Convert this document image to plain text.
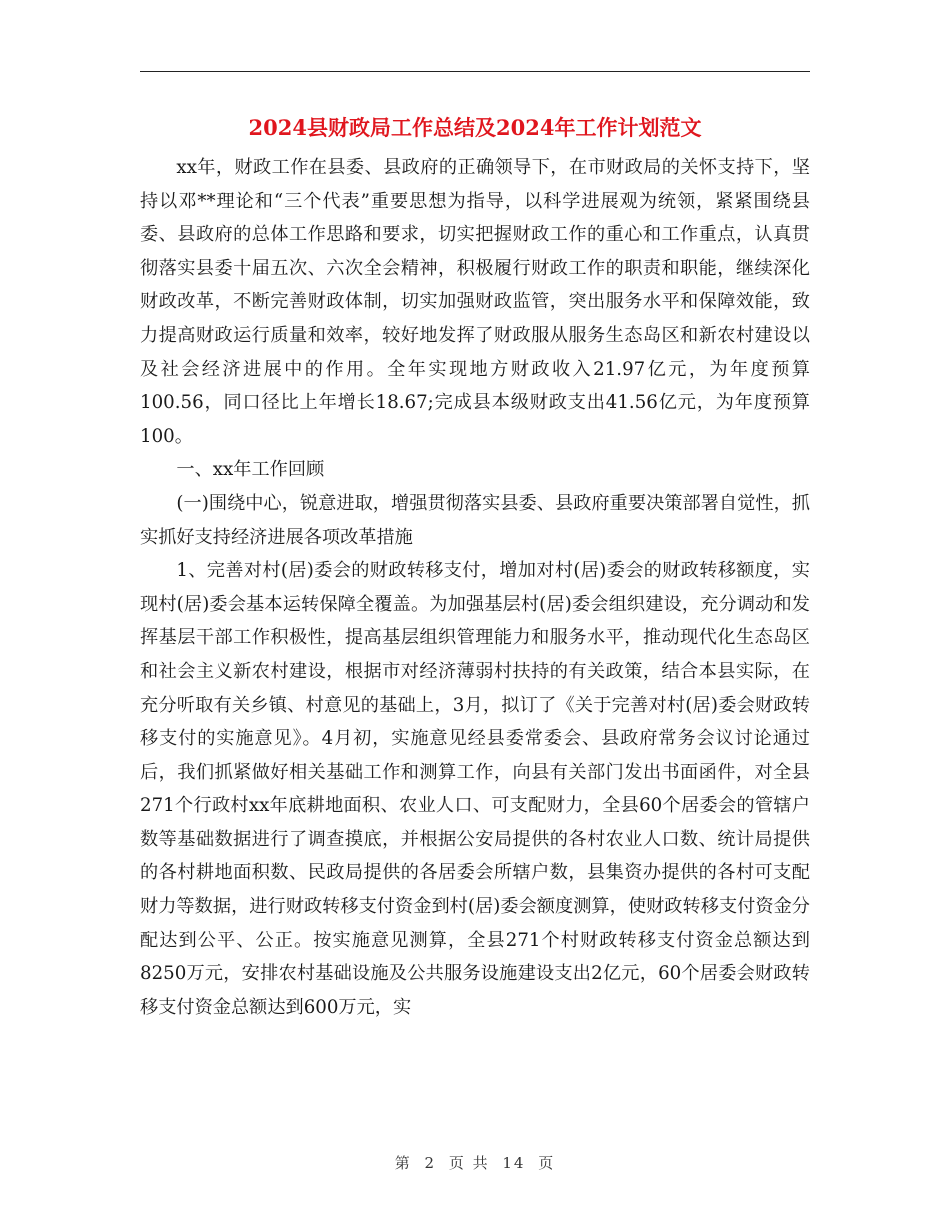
2024县财政局工作总结及2024年工作计划范文

xx年，财政工作在县委、县政府的正确领导下，在市财政局的关怀支持下，坚持以邓**理论和“三个代表”重要思想为指导，以科学进展观为统领，紧紧围绕县委、县政府的总体工作思路和要求，切实把握财政工作的重心和工作重点，认真贯彻落实县委十届五次、六次全会精神，积极履行财政工作的职责和职能，继续深化财政改革，不断完善财政体制，切实加强财政监管，突出服务水平和保障效能，致力提高财政运行质量和效率，较好地发挥了财政服从服务生态岛区和新农村建设以及社会经济进展中的作用。全年实现地方财政收入21.97亿元，为年度预算100.56，同口径比上年增长18.67;完成县本级财政支出41.56亿元，为年度预算100。

一、xx年工作回顾

(一)围绕中心，锐意进取，增强贯彻落实县委、县政府重要决策部署自觉性，抓实抓好支持经济进展各项改革措施

1、完善对村(居)委会的财政转移支付，增加对村(居)委会的财政转移额度，实现村(居)委会基本运转保障全覆盖。为加强基层村(居)委会组织建设，充分调动和发挥基层干部工作积极性，提高基层组织管理能力和服务水平，推动现代化生态岛区和社会主义新农村建设，根据市对经济薄弱村扶持的有关政策，结合本县实际，在充分听取有关乡镇、村意见的基础上，3月，拟订了《关于完善对村(居)委会财政转移支付的实施意见》。4月初，实施意见经县委常委会、县政府常务会议讨论通过后，我们抓紧做好相关基础工作和测算工作，向县有关部门发出书面函件，对全县271个行政村xx年底耕地面积、农业人口、可支配财力，全县60个居委会的管辖户数等基础数据进行了调查摸底，并根据公安局提供的各村农业人口数、统计局提供的各村耕地面积数、民政局提供的各居委会所辖户数，县集资办提供的各村可支配财力等数据，进行财政转移支付资金到村(居)委会额度测算，使财政转移支付资金分配达到公平、公正。按实施意见测算，全县271个村财政转移支付资金总额达到8250万元，安排农村基础设施及公共服务设施建设支出2亿元，60个居委会财政转移支付资金总额达到600万元，实

第 2 页 共 14 页
